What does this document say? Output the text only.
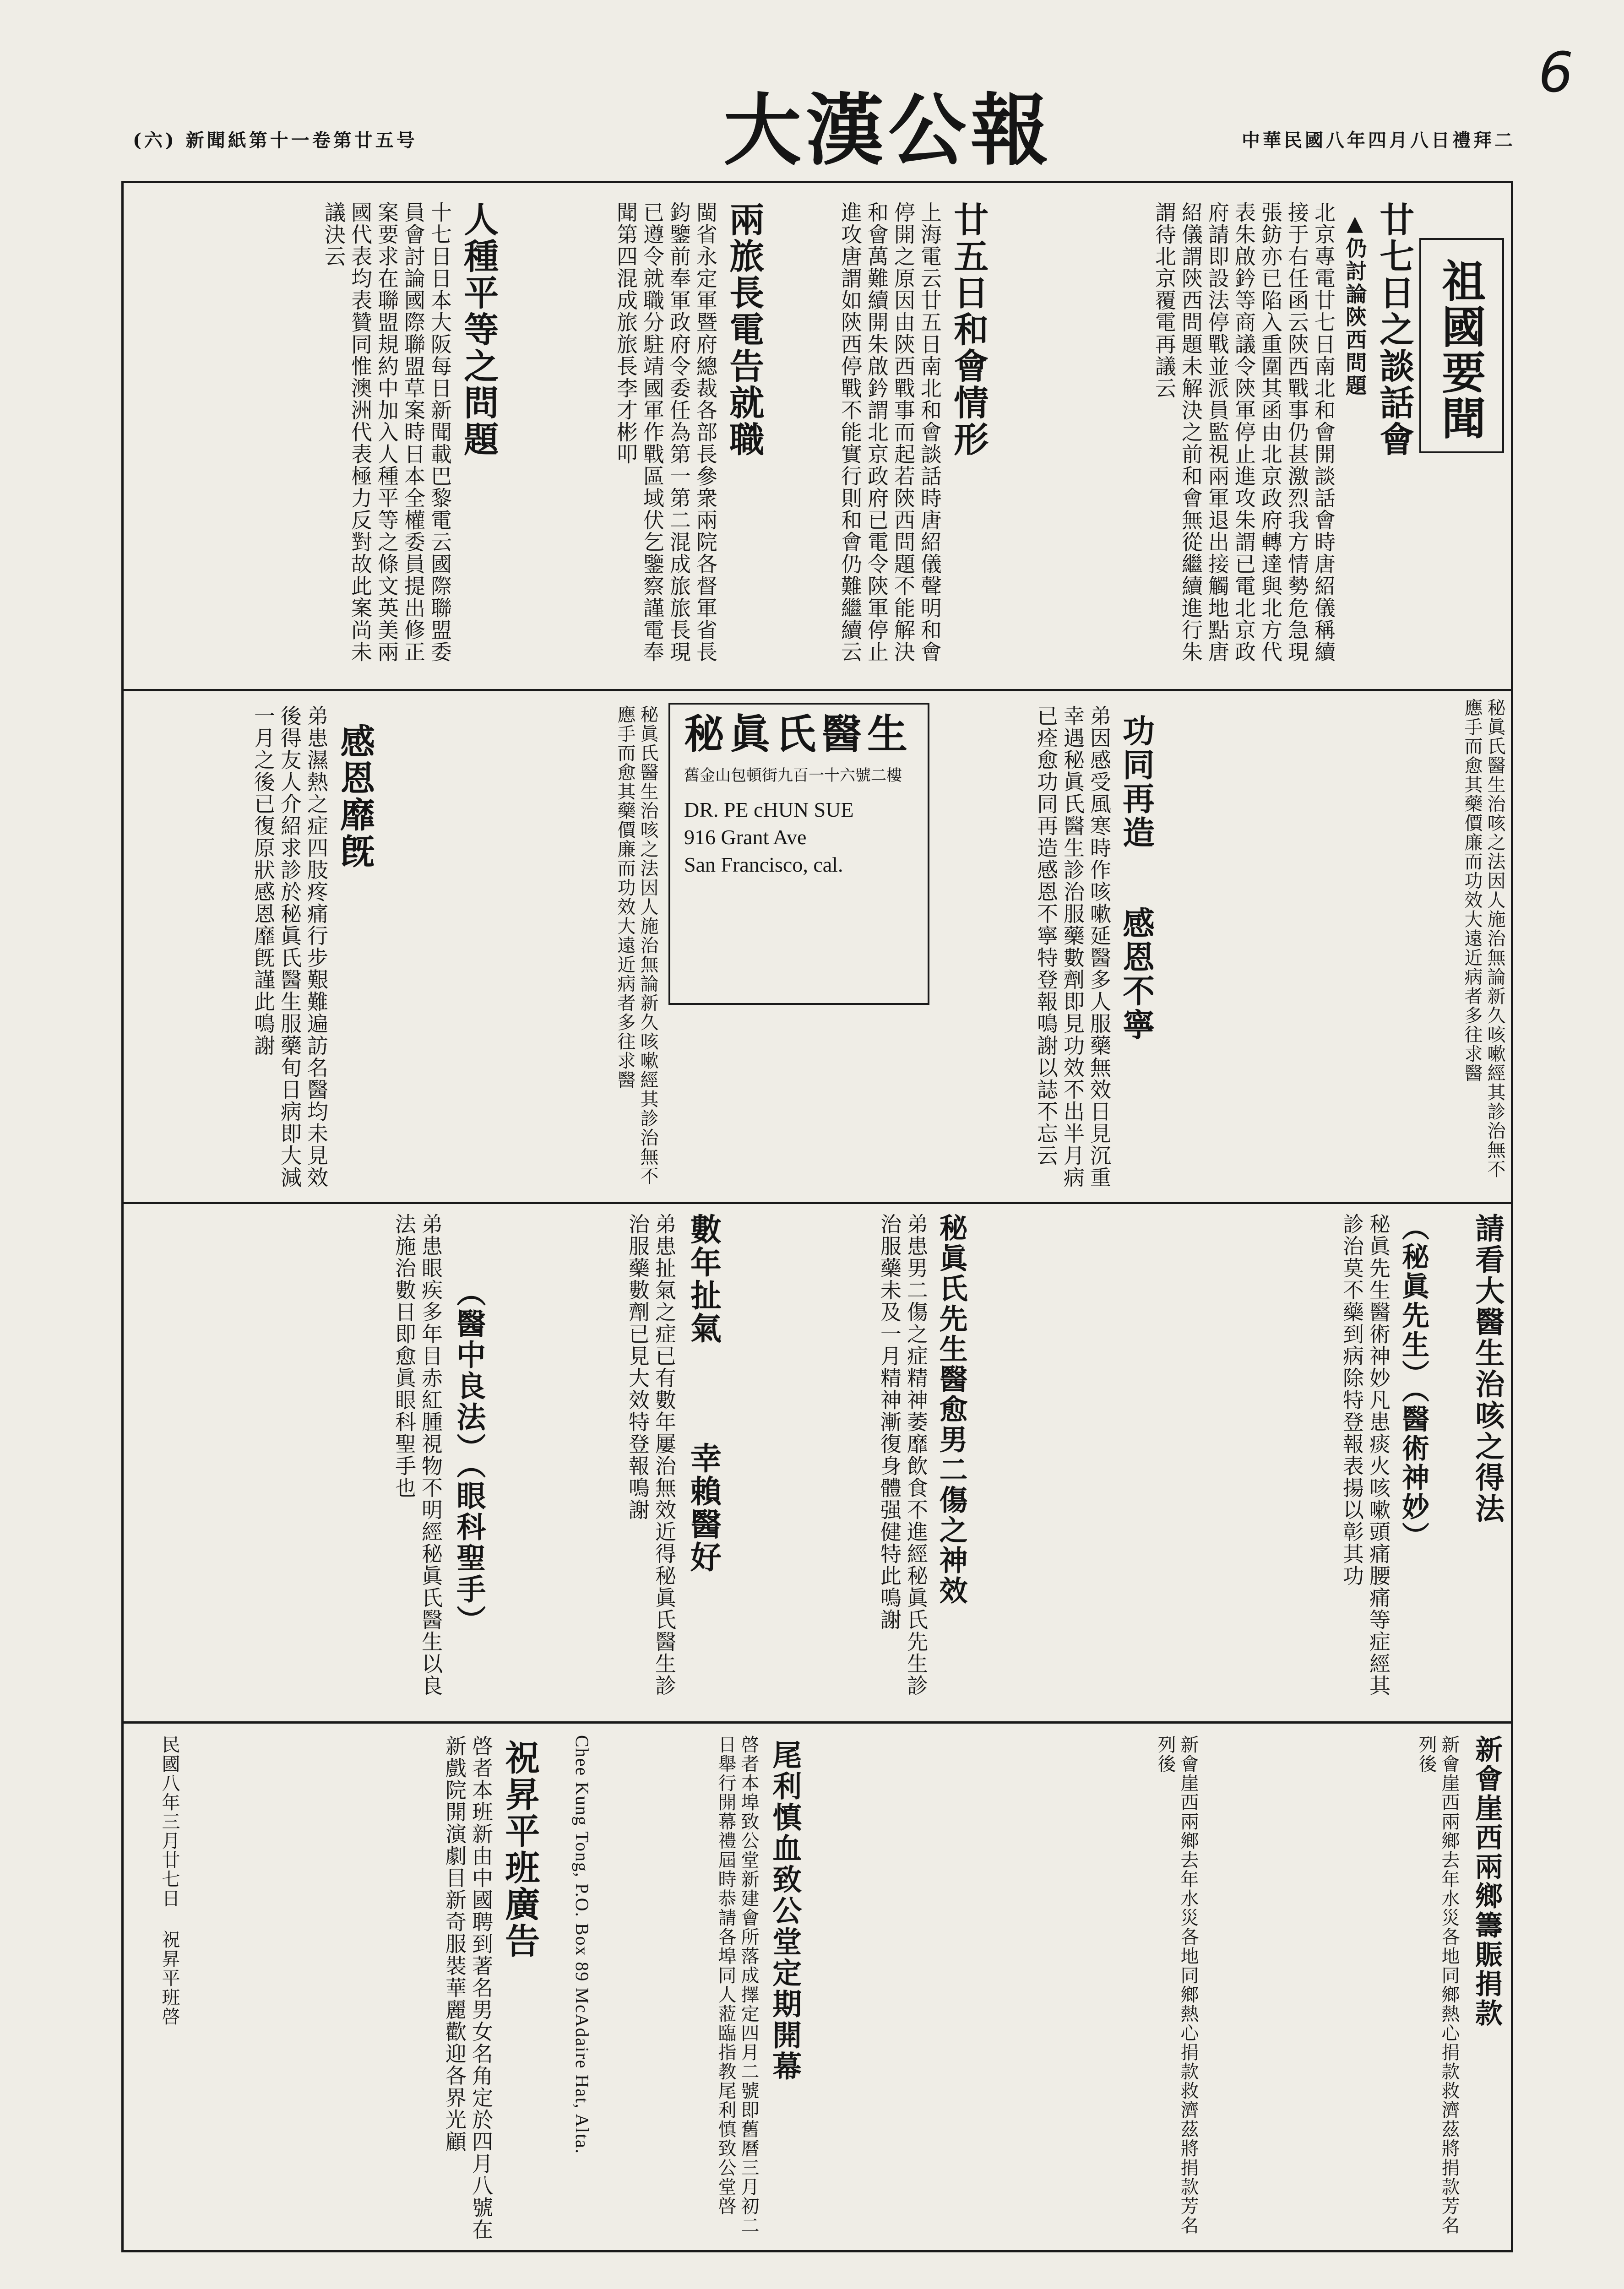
(六) 新聞紙第十一卷第廿五号	大漢公報	中華民國八年四月八日禮拜二
6
祖國要聞
廿七日之談話會
▲仍討論陝西問題
北京專電廿七日南北和會開談話會時唐紹儀稱續接于右任函云陝西戰事仍甚激烈我方情勢危急現張鈁亦已陷入重圍其函由北京政府轉達與北方代表朱啟鈐等商議令陝軍停止進攻朱謂已電北京政府請即設法停戰並派員監視兩軍退出接觸地點唐紹儀謂陝西問題未解決之前和會無從繼續進行朱謂待北京覆電再議云
廿五日和會情形
上海電云廿五日南北和會談話時唐紹儀聲明和會停開之原因由陝西戰事而起若陝西問題不能解決和會萬難續開朱啟鈐謂北京政府已電令陝軍停止進攻唐謂如陝西停戰不能實行則和會仍難繼續云
兩旅長電告就職
閩省永定軍暨府總裁各部長參衆兩院各督軍省長鈞鑒前奉軍政府令委任為第一第二混成旅旅長現已遵令就職分駐靖國軍作戰區域伏乞鑒察謹電奉聞第四混成旅旅長李才彬叩
人種平等之問題
十七日日本大阪每日新聞載巴黎電云國際聯盟委員會討論國際聯盟草案時日本全權委員提出修正案要求在聯盟規約中加入人種平等之條文英美兩國代表均表贊同惟澳洲代表極力反對故此案尚未議決云
秘眞氏醫生治咳之法因人施治無論新久咳嗽經其診治無不應手而愈其藥價廉而功效大遠近病者多往求醫
秘眞氏醫生
舊金山包頓街九百一十六號二樓
DR. PE cHUN SUE
916 Grant Ave
San Francisco, cal.
功同再造
感恩不寧
弟因感受風寒時作咳嗽延醫多人服藥無效日見沉重幸遇秘眞氏醫生診治服藥數劑即見功效不出半月病已痊愈功同再造感恩不寧特登報鳴謝以誌不忘云
秘眞氏醫生治咳之法因人施治無論新久咳嗽經其診治無不應手而愈其藥價廉而功效大遠近病者多往求醫
感恩靡旣
弟患濕熱之症四肢疼痛行步艱難遍訪名醫均未見效後得友人介紹求診於秘眞氏醫生服藥旬日病即大減一月之後已復原狀感恩靡旣謹此鳴謝
請看大醫生治咳之得法
（秘眞先生）（醫術神妙）
秘眞先生醫術神妙凡患痰火咳嗽頭痛腰痛等症經其診治莫不藥到病除特登報表揚以彰其功
秘眞氏先生醫愈男二傷之神效
弟患男二傷之症精神萎靡飲食不進經秘眞氏先生診治服藥未及一月精神漸復身體强健特此鳴謝
數年扯氣
幸賴醫好
弟患扯氣之症已有數年屢治無效近得秘眞氏醫生診治服藥數劑已見大效特登報鳴謝
（醫中良法）（眼科聖手）
弟患眼疾多年目赤紅腫視物不明經秘眞氏醫生以良法施治數日即愈眞眼科聖手也
新會崖西兩鄉籌賑捐款
新會崖西兩鄉去年水災各地同鄉熱心捐款救濟茲將捐款芳名列後
新會崖西兩鄉去年水災各地同鄉熱心捐款救濟茲將捐款芳名列後
尾利慎血致公堂定期開幕
啓者本埠致公堂新建會所落成擇定四月二號即舊曆三月初二日舉行開幕禮屆時恭請各埠同人蒞臨指教尾利慎致公堂啓
Chee Kung Tong, P.O. Box 89 McAdaire Hat, Alta.
祝昇平班廣告
啓者本班新由中國聘到著名男女名角定於四月八號在新戲院開演劇目新奇服裝華麗歡迎各界光顧
民國八年三月廿七日 祝昇平班啓
